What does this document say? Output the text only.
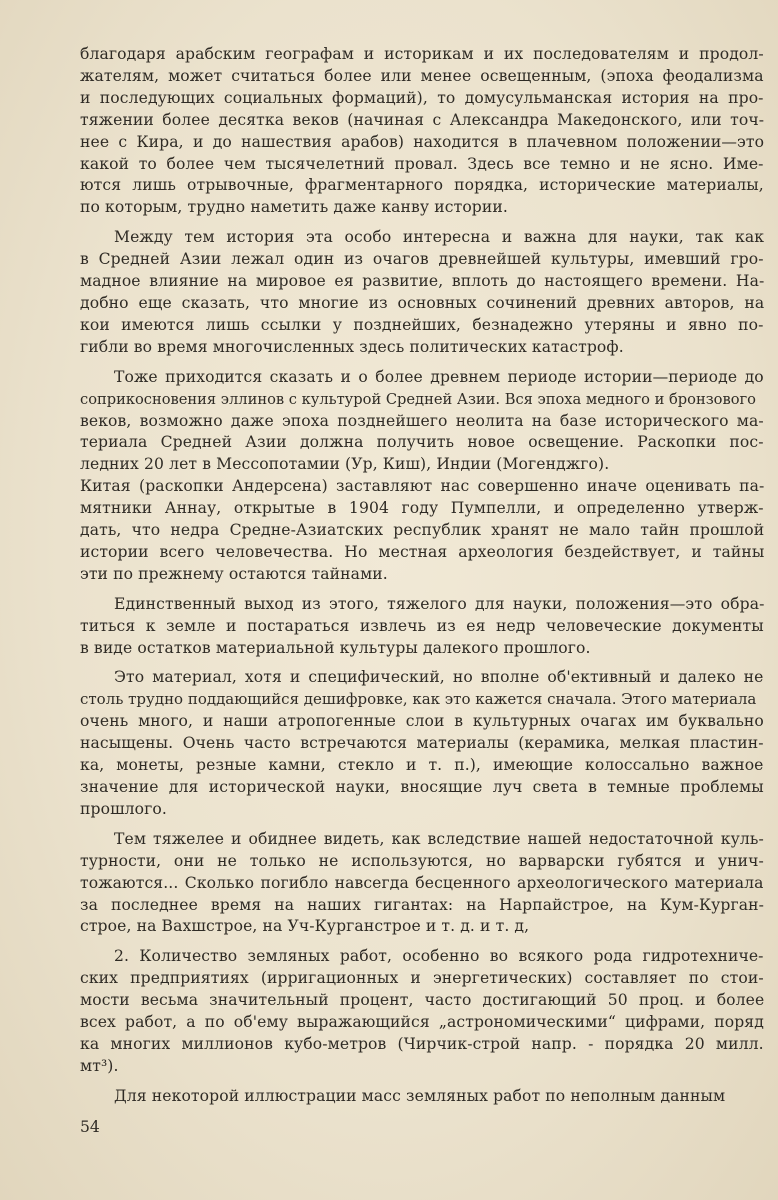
благодаря арабским географам и историкам и их последователям и продол-
жателям, может считаться более или менее освещенным, (эпоха феодализма
и последующих социальных формаций), то домусульманская история на про-
тяжении более десятка веков (начиная с Александра Македонского, или точ-
нее с Кира, и до нашествия арабов) находится в плачевном положении—это
какой то более чем тысячелетний провал. Здесь все темно и не ясно. Име-
ются лишь отрывочные, фрагментарного порядка, исторические материалы,
по которым, трудно наметить даже канву истории.
Между тем история эта особо интересна и важна для науки, так как
в Средней Азии лежал один из очагов древнейшей культуры, имевший гро-
мадное влияние на мировое ея развитие, вплоть до настоящего времени. На-
добно еще сказать, что многие из основных сочинений древних авторов, на
кои имеются лишь ссылки у позднейших, безнадежно утеряны и явно по-
гибли во время многочисленных здесь политических катастроф.
Тоже приходится сказать и о более древнем периоде истории—периоде до
соприкосновения эллинов с культурой Средней Азии. Вся эпоха медного и бронзового
веков, возможно даже эпоха позднейшего неолита на базе исторического ма-
териала Средней Азии должна получить новое освещение. Раскопки пос-
ледних 20 лет в Мессопотамии (Ур, Киш), Индии (Могенджго).
Китая (раскопки Андерсена) заставляют нас совершенно иначе оценивать па-
мятники Аннау, открытые в 1904 году Пумпелли, и определенно утверж-
дать, что недра Средне-Азиатских республик хранят не мало тайн прошлой
истории всего человечества. Но местная археология бездействует, и тайны
эти по прежнему остаются тайнами.
Единственный выход из этого, тяжелого для науки, положения—это обра-
титься к земле и постараться извлечь из ея недр человеческие документы
в виде остатков материальной культуры далекого прошлого.
Это материал, хотя и специфический, но вполне об'ективный и далеко не
столь трудно поддающийся дешифровке, как это кажется сначала. Этого материала
очень много, и наши атропогенные слои в культурных очагах им буквально
насыщены. Очень часто встречаются материалы (керамика, мелкая пластин-
ка, монеты, резные камни, стекло и т. п.), имеющие колоссально важное
значение для исторической науки, вносящие луч света в темные проблемы
прошлого.
Тем тяжелее и обиднее видеть, как вследствие нашей недостаточной куль-
турности, они не только не используются, но варварски губятся и унич-
тожаются... Сколько погибло навсегда бесценного археологического материала
за последнее время на наших гигантах: на Нарпайстрое, на Кум-Курган-
строе, на Вахшстрое, на Уч-Курганстрое и т. д. и т. д,
2. Количество земляных работ, особенно во всякого рода гидротехниче-
ских предприятиях (ирригационных и энергетических) составляет по стои-
мости весьма значительный процент, часто достигающий 50 проц. и более
всех работ, а по об'ему выражающийся „астрономическими“ цифрами, поряд
ка многих миллионов кубо-метров (Чирчик-строй напр. - порядка 20 милл.
мт³).
Для некоторой иллюстрации масс земляных работ по неполным данным
54
